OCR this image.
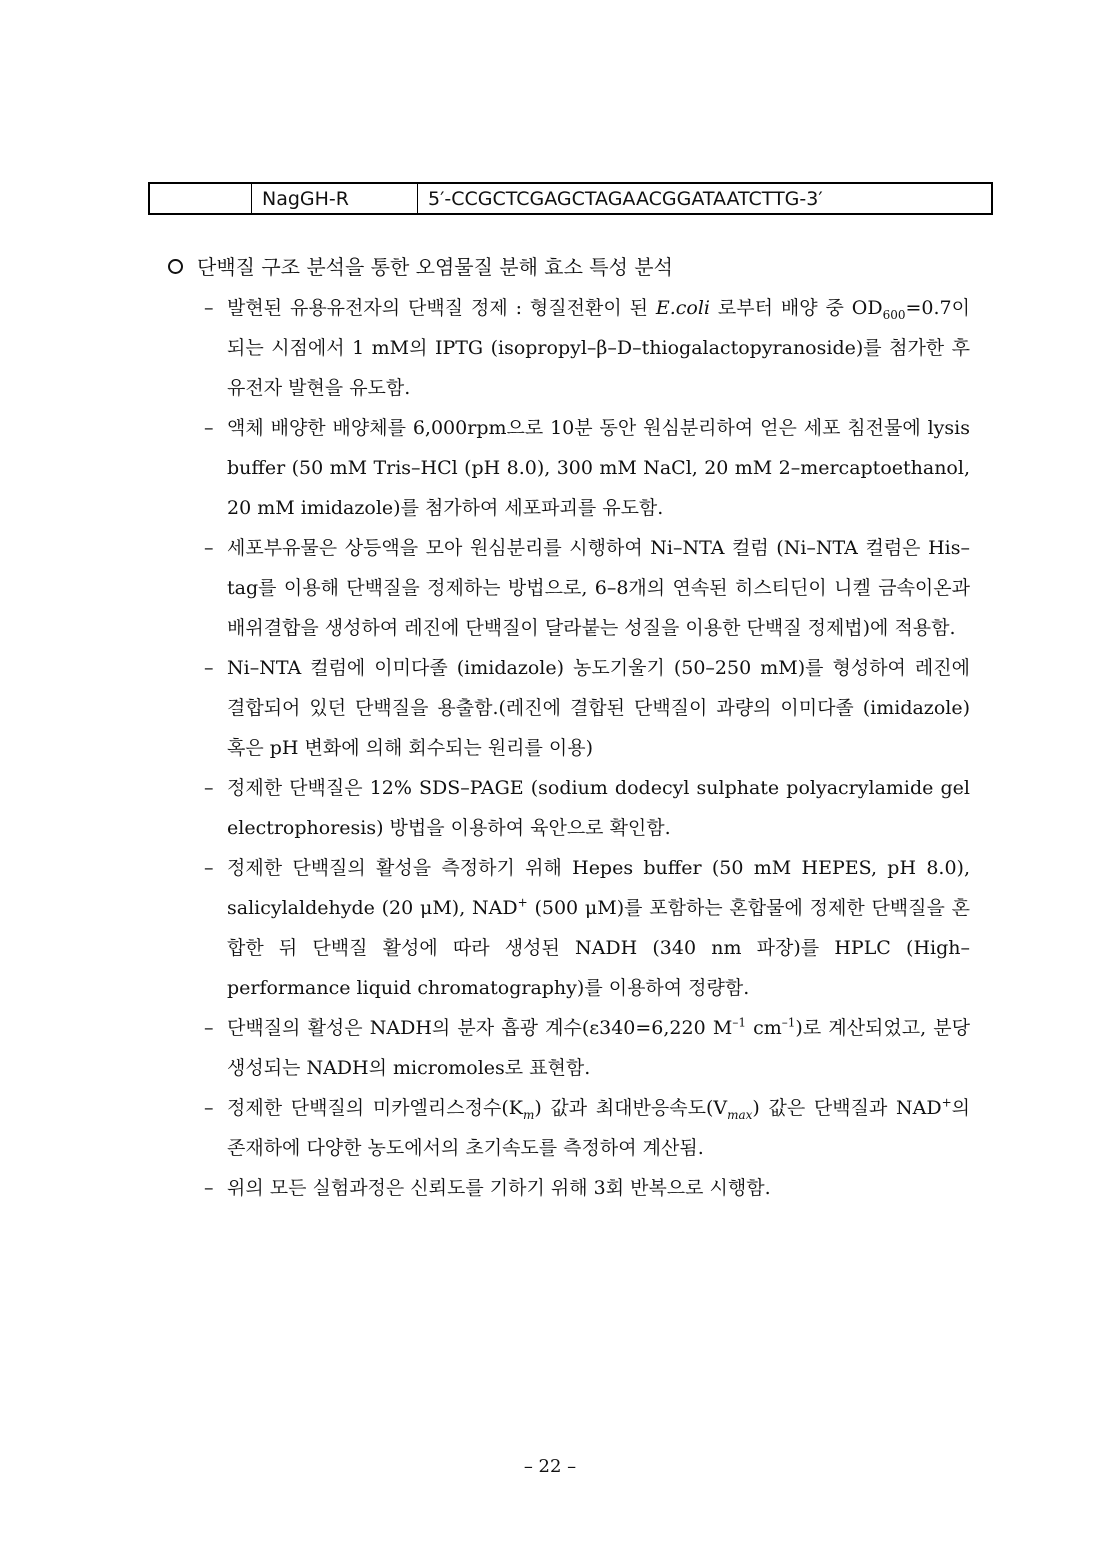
NagGH-R	5′-CCGCTCGAGCTAGAACGGATAATCTTG-3′
단백질 구조 분석을 통한 오염물질 분해 효소 특성 분석
– 발현된 유용유전자의 단백질 정제 : 형질전환이 된 E.coli 로부터 배양 중 $OD_{600}=0.7$이 되는 시점에서 1 mM의 IPTG (isopropyl–β–D–thiogalactopyranoside)를 첨가한 후 유전자 발현을 유도함.
– 액체 배양한 배양체를 6,000rpm으로 10분 동안 원심분리하여 얻은 세포 침전물에 lysis buffer (50 mM Tris–HCl (pH 8.0), 300 mM NaCl, 20 mM 2–mercaptoethanol, 20 mM imidazole)를 첨가하여 세포파괴를 유도함.
– 세포부유물은 상등액을 모아 원심분리를 시행하여 Ni–NTA 컬럼 (Ni–NTA 컬럼은 His–tag를 이용해 단백질을 정제하는 방법으로, 6–8개의 연속된 히스티딘이 니켈 금속이온과 배위결합을 생성하여 레진에 단백질이 달라붙는 성질을 이용한 단백질 정제법)에 적용함.
– Ni–NTA 컬럼에 이미다졸 (imidazole) 농도기울기 (50–250 mM)를 형성하여 레진에 결합되어 있던 단백질을 용출함.(레진에 결합된 단백질이 과량의 이미다졸 (imidazole) 혹은 pH 변화에 의해 회수되는 원리를 이용)
– 정제한 단백질은 12% SDS–PAGE (sodium dodecyl sulphate polyacrylamide gel electrophoresis) 방법을 이용하여 육안으로 확인함.
– 정제한 단백질의 활성을 측정하기 위해 Hepes buffer (50 mM HEPES, pH 8.0), salicylaldehyde (20 μM), NAD+ (500 μM)를 포함하는 혼합물에 정제한 단백질을 혼합한 뒤 단백질 활성에 따라 생성된 NADH (340 nm 파장)를 HPLC (High–performance liquid chromatography)를 이용하여 정량함.
– 단백질의 활성은 NADH의 분자 흡광 계수(ε340=6,220 $M^{-1}$ $cm^{-1}$)로 계산되었고, 분당 생성되는 NADH의 micromoles로 표현함.
– 정제한 단백질의 미카엘리스정수$(K_m)$ 값과 최대반응속도$(V_{max})$ 값은 단백질과 NAD+의 존재하에 다양한 농도에서의 초기속도를 측정하여 계산됨.
– 위의 모든 실험과정은 신뢰도를 기하기 위해 3회 반복으로 시행함.
– 22 –
